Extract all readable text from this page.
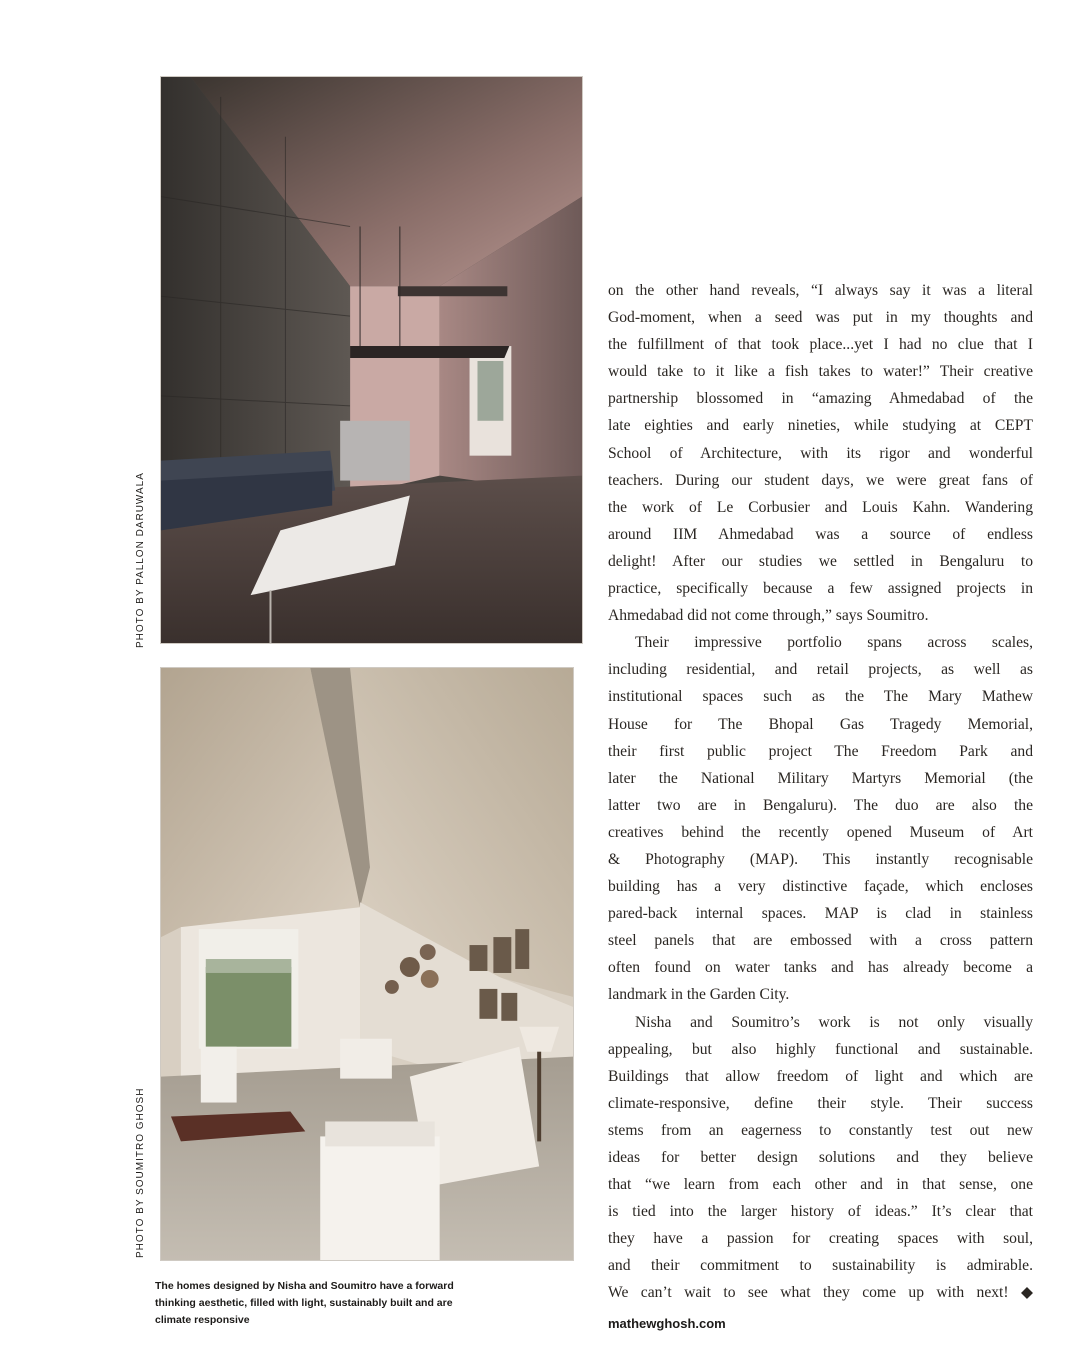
PHOTO BY PALLON DARUWALA
PHOTO BY SOUMITRO GHOSH
The homes designed by Nisha and Soumitro have a forward
thinking aesthetic, filled with light, sustainably built and are
climate responsive
on the other hand reveals, “I always say it was a literal
God-moment, when a seed was put in my thoughts and
the fulfillment of that took place...yet I had no clue that I
would take to it like a fish takes to water!” Their creative
partnership blossomed in “amazing Ahmedabad of the
late eighties and early nineties, while studying at CEPT
School of Architecture, with its rigor and wonderful
teachers. During our student days, we were great fans of
the work of Le Corbusier and Louis Kahn. Wandering
around IIM Ahmedabad was a source of endless
delight! After our studies we settled in Bengaluru to
practice, specifically because a few assigned projects in
Ahmedabad did not come through,” says Soumitro.
Their impressive portfolio spans across scales,
including residential, and retail projects, as well as
institutional spaces such as the The Mary Mathew
House for The Bhopal Gas Tragedy Memorial,
their first public project The Freedom Park and
later the National Military Martyrs Memorial (the
latter two are in Bengaluru). The duo are also the
creatives behind the recently opened Museum of Art
& Photography (MAP). This instantly recognisable
building has a very distinctive façade, which encloses
pared-back internal spaces. MAP is clad in stainless
steel panels that are embossed with a cross pattern
often found on water tanks and has already become a
landmark in the Garden City.
Nisha and Soumitro’s work is not only visually
appealing, but also highly functional and sustainable.
Buildings that allow freedom of light and which are
climate-responsive, define their style. Their success
stems from an eagerness to constantly test out new
ideas for better design solutions and they believe
that “we learn from each other and in that sense, one
is tied into the larger history of ideas.” It’s clear that
they have a passion for creating spaces with soul,
and their commitment to sustainability is admirable.
We can’t wait to see what they come up with next! ◆
mathewghosh.com
